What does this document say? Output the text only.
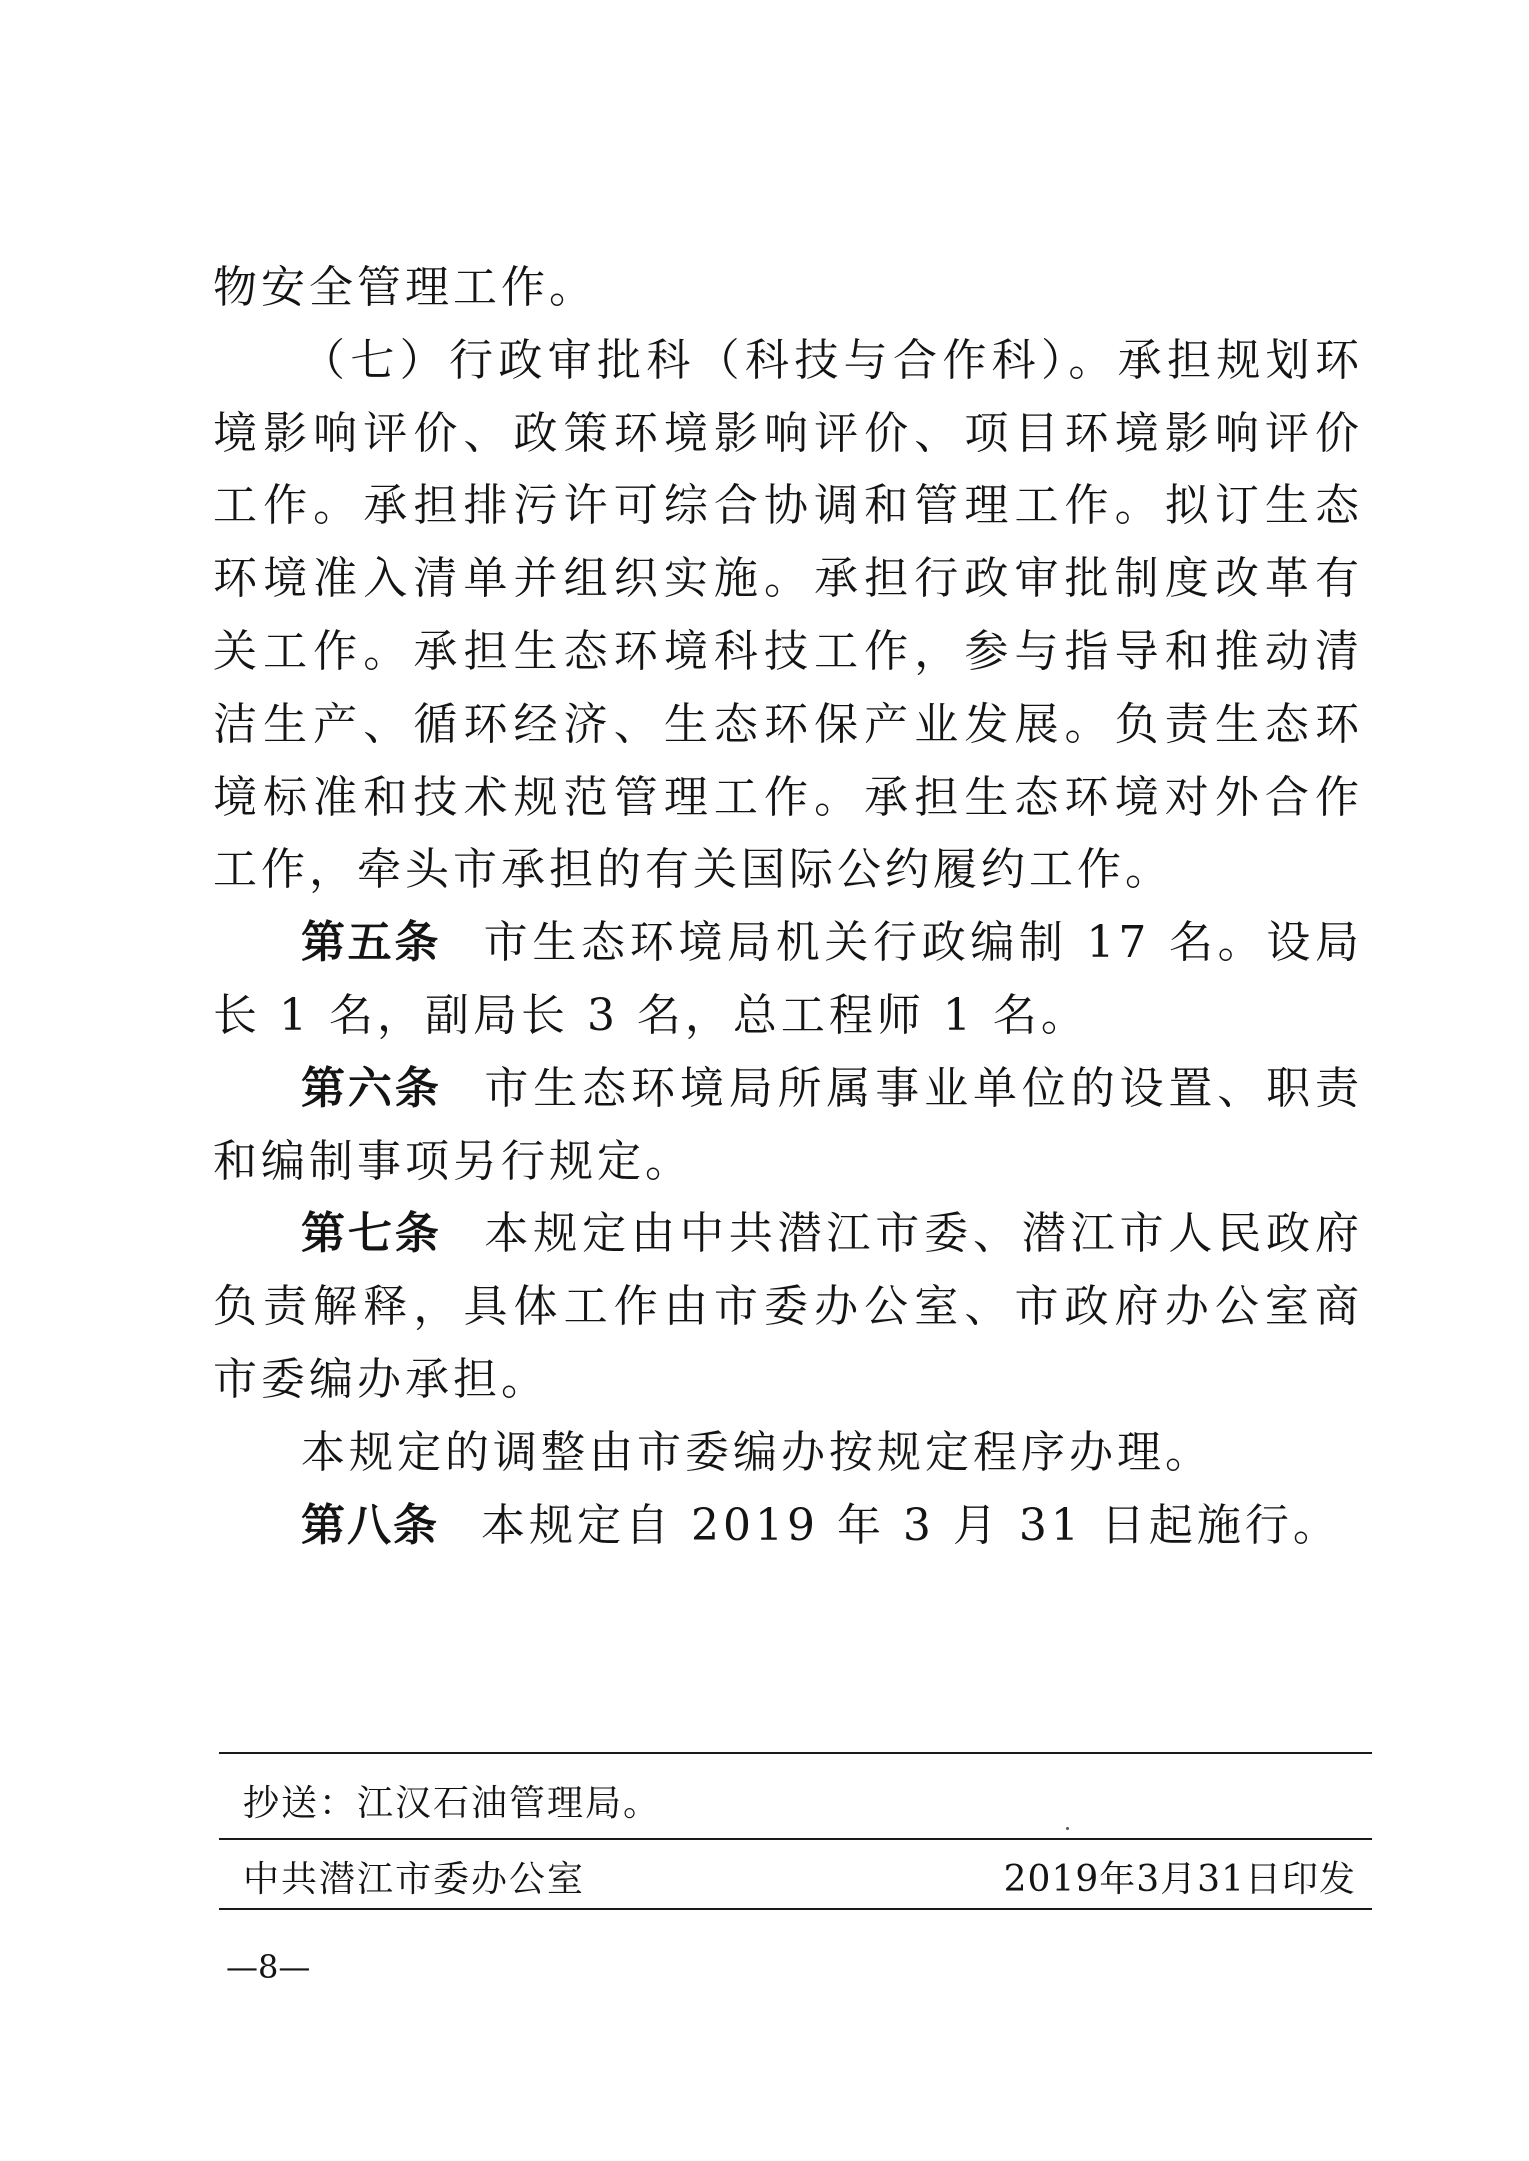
物安全管理工作。

（七）行政审批科（科技与合作科）。承担规划环境影响评价、政策环境影响评价、项目环境影响评价工作。承担排污许可综合协调和管理工作。拟订生态环境准入清单并组织实施。承担行政审批制度改革有关工作。承担生态环境科技工作，参与指导和推动清洁生产、循环经济、生态环保产业发展。负责生态环境标准和技术规范管理工作。承担生态环境对外合作工作，牵头市承担的有关国际公约履约工作。

第五条 市生态环境局机关行政编制 17 名。设局长 1 名，副局长 3 名，总工程师 1 名。

第六条 市生态环境局所属事业单位的设置、职责和编制事项另行规定。

第七条 本规定由中共潜江市委、潜江市人民政府负责解释，具体工作由市委办公室、市政府办公室商市委编办承担。

本规定的调整由市委编办按规定程序办理。

第八条 本规定自 2019 年 3 月 31 日起施行。

抄送：江汉石油管理局。
中共潜江市委办公室	2019年3月31日印发
—8—
